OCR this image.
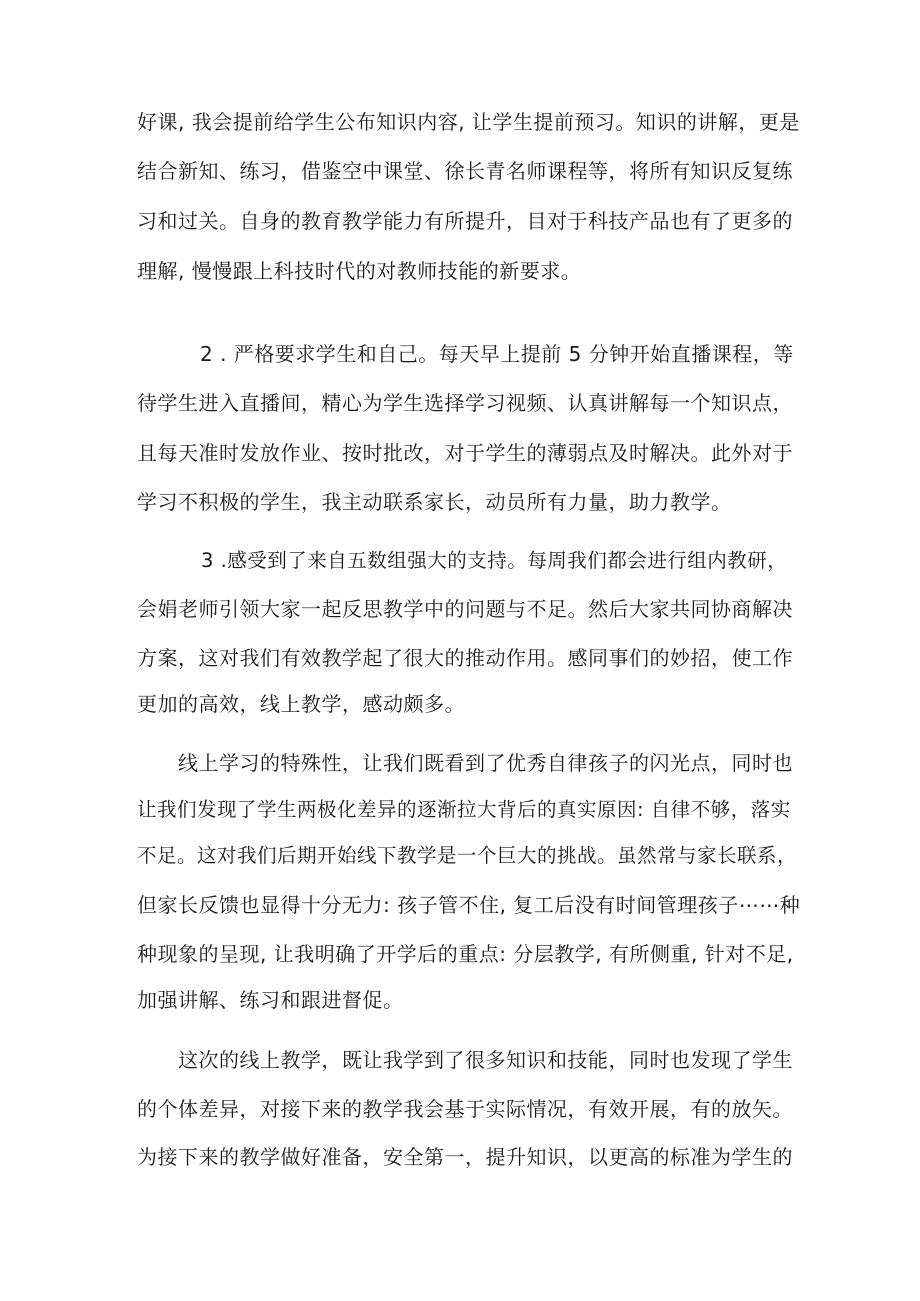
好课, 我会提前给学生公布知识内容, 让学生提前预习。知识的讲解，更是
结合新知、练习，借鉴空中课堂、徐长青名师课程等，将所有知识反复练
习和过关。自身的教育教学能力有所提升，目对于科技产品也有了更多的
理解, 慢慢跟上科技时代的对教师技能的新要求。
2 . 严格要求学生和自己。每天早上提前 5 分钟开始直播课程，等
待学生进入直播间，精心为学生选择学习视频、认真讲解每一个知识点，
且每天准时发放作业、按时批改，对于学生的薄弱点及时解决。此外对于
学习不积极的学生，我主动联系家长，动员所有力量，助力教学。
3 .感受到了来自五数组强大的支持。每周我们都会进行组内教研，
会娟老师引领大家一起反思教学中的问题与不足。然后大家共同协商解决
方案，这对我们有效教学起了很大的推动作用。感同事们的妙招，使工作
更加的高效，线上教学，感动颇多。
线上学习的特殊性，让我们既看到了优秀自律孩子的闪光点，同时也
让我们发现了学生两极化差异的逐渐拉大背后的真实原因: 自律不够，落实
不足。这对我们后期开始线下教学是一个巨大的挑战。虽然常与家长联系，
但家长反馈也显得十分无力: 孩子管不住, 复工后没有时间管理孩子⋯⋯种
种现象的呈现, 让我明确了开学后的重点: 分层教学, 有所侧重, 针对不足,
加强讲解、练习和跟进督促。
这次的线上教学，既让我学到了很多知识和技能，同时也发现了学生
的个体差异，对接下来的教学我会基于实际情况，有效开展，有的放矢。
为接下来的教学做好准备，安全第一，提升知识，以更高的标准为学生的
